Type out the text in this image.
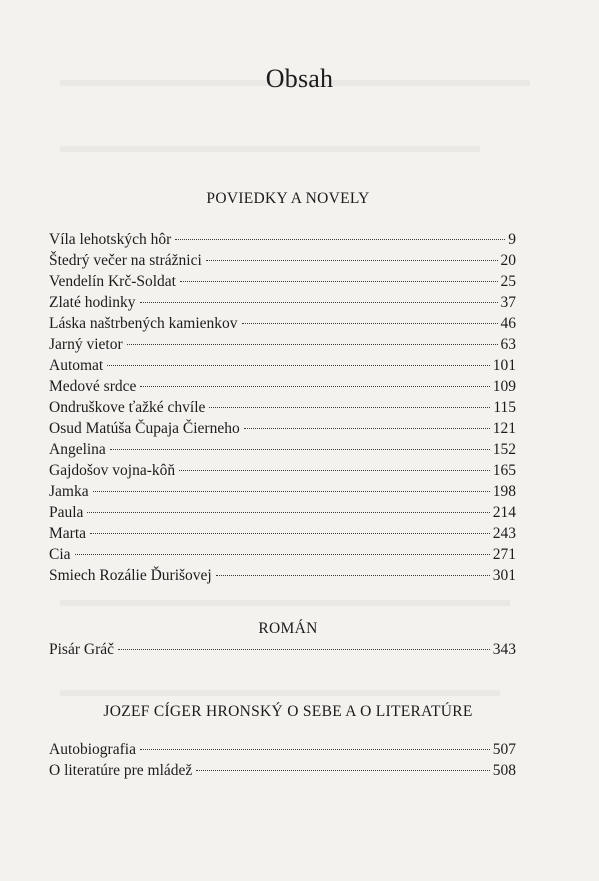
Obsah
POVIEDKY A NOVELY
Víla lehotských hôr	9
Štedrý večer na strážnici	20
Vendelín Krč-Soldat	25
Zlaté hodinky	37
Láska naštrbených kamienkov	46
Jarný vietor	63
Automat	101
Medové srdce	109
Ondruškove ťažké chvíle	115
Osud Matúša Čupaja Čierneho	121
Angelina	152
Gajdošov vojna-kôň	165
Jamka	198
Paula	214
Marta	243
Cia	271
Smiech Rozálie Ďurišovej	301
ROMÁN
Pisár Gráč	343
JOZEF CÍGER HRONSKÝ O SEBE A O LITERATÚRE
Autobiografia	507
O literatúre pre mládež	508
